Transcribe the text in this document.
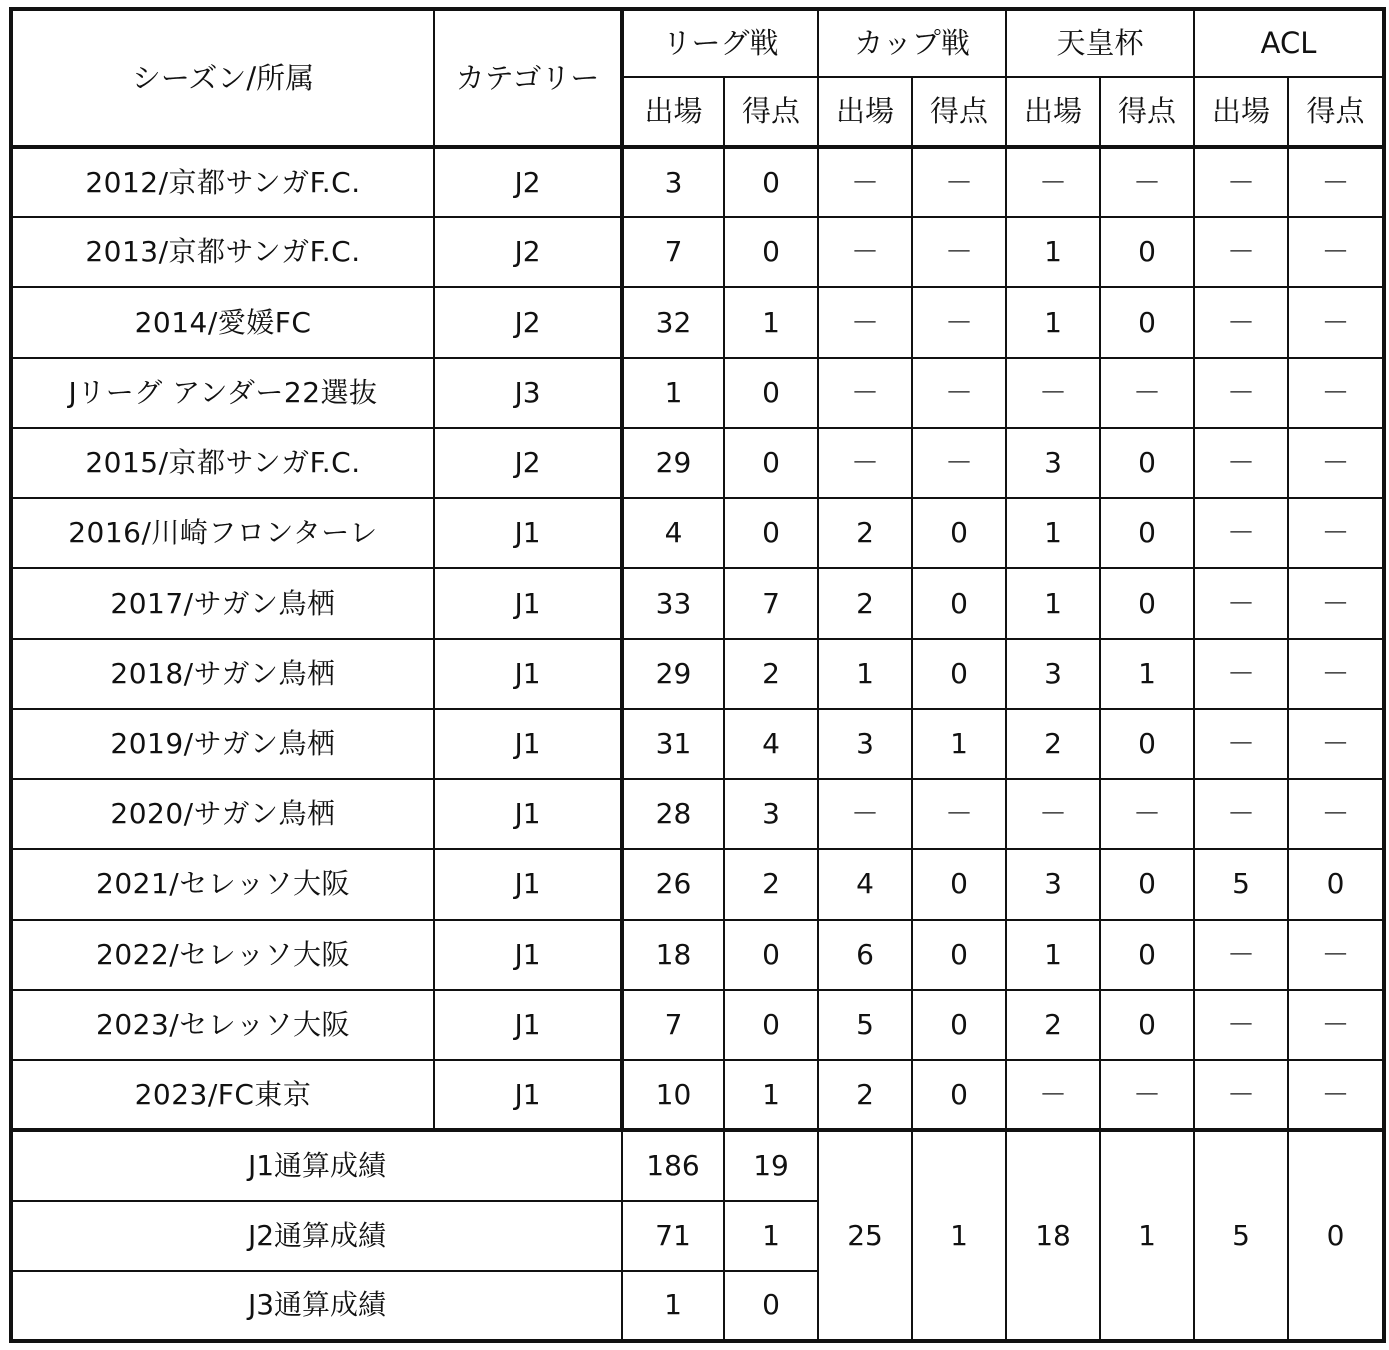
シーズン/所属	カテゴリー	リーグ戦		カップ戦		天皇杯		ACL	
		出場	得点	出場	得点	出場	得点	出場	得点
2012/京都サンガF.C.	J2	3	0	－	－	－	－	－	－
2013/京都サンガF.C.	J2	7	0	－	－	1	0	－	－
2014/愛媛FC	J2	32	1	－	－	1	0	－	－
Jリーグ アンダー22選抜	J3	1	0	－	－	－	－	－	－
2015/京都サンガF.C.	J2	29	0	－	－	3	0	－	－
2016/川崎フロンターレ	J1	4	0	2	0	1	0	－	－
2017/サガン鳥栖	J1	33	7	2	0	1	0	－	－
2018/サガン鳥栖	J1	29	2	1	0	3	1	－	－
2019/サガン鳥栖	J1	31	4	3	1	2	0	－	－
2020/サガン鳥栖	J1	28	3	－	－	－	－	－	－
2021/セレッソ大阪	J1	26	2	4	0	3	0	5	0
2022/セレッソ大阪	J1	18	0	6	0	1	0	－	－
2023/セレッソ大阪	J1	7	0	5	0	2	0	－	－
2023/FC東京	J1	10	1	2	0	－	－	－	－
J1通算成績		186	19	25	1	18	1	5	0
J2通算成績		71	1						
J3通算成績		1	0						
